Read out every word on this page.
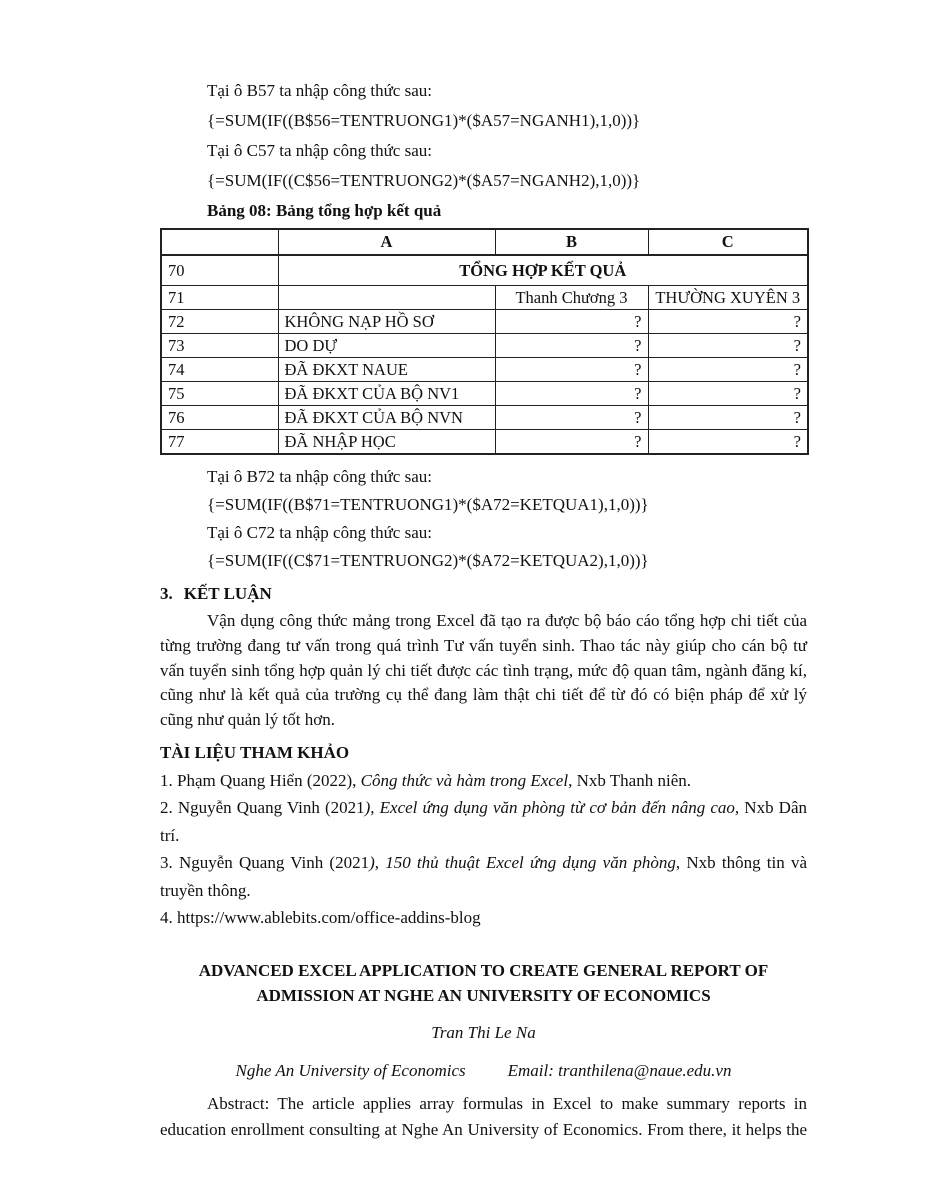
Tại ô B57 ta nhập công thức sau:

{=SUM(IF((B$56=TENTRUONG1)*($A57=NGANH1),1,0))}

Tại ô C57 ta nhập công thức sau:

{=SUM(IF((C$56=TENTRUONG2)*($A57=NGANH2),1,0))}

Bảng 08: Bảng tổng hợp kết quả

	A	B	C
70	TỔNG HỢP KẾT QUẢ		
71		Thanh Chương 3	THƯỜNG XUYÊN 3
72	KHÔNG NẠP HỒ SƠ	?	?
73	DO DỰ	?	?
74	ĐÃ ĐKXT NAUE	?	?
75	ĐÃ ĐKXT CỦA BỘ NV1	?	?
76	ĐÃ ĐKXT CỦA BỘ NVN	?	?
77	ĐÃ NHẬP HỌC	?	?

Tại ô B72 ta nhập công thức sau:

{=SUM(IF((B$71=TENTRUONG1)*($A72=KETQUA1),1,0))}

Tại ô C72 ta nhập công thức sau:

{=SUM(IF((C$71=TENTRUONG2)*($A72=KETQUA2),1,0))}

3. KẾT LUẬN

Vận dụng công thức mảng trong Excel đã tạo ra được bộ báo cáo tổng hợp chi tiết của từng trường đang tư vấn trong quá trình Tư vấn tuyển sinh. Thao tác này giúp cho cán bộ tư vấn tuyển sinh tổng hợp quản lý chi tiết được các tình trạng, mức độ quan tâm, ngành đăng kí, cũng như là kết quả của trường cụ thể đang làm thật chi tiết để từ đó có biện pháp để xử lý cũng như quản lý tốt hơn.

TÀI LIỆU THAM KHẢO

1. Phạm Quang Hiển (2022), Công thức và hàm trong Excel, Nxb Thanh niên.

2. Nguyễn Quang Vinh (2021), Excel ứng dụng văn phòng từ cơ bản đến nâng cao, Nxb Dân trí.

3. Nguyễn Quang Vinh (2021), 150 thủ thuật Excel ứng dụng văn phòng, Nxb thông tin và truyền thông.

4. https://www.ablebits.com/office-addins-blog

ADVANCED EXCEL APPLICATION TO CREATE GENERAL REPORT OF

ADMISSION AT NGHE AN UNIVERSITY OF ECONOMICS

Tran Thi Le Na

Nghe An University of Economics Email: tranthilena@naue.edu.vn

Abstract: The article applies array formulas in Excel to make summary reports in education enrollment consulting at Nghe An University of Economics. From there, it helps the
